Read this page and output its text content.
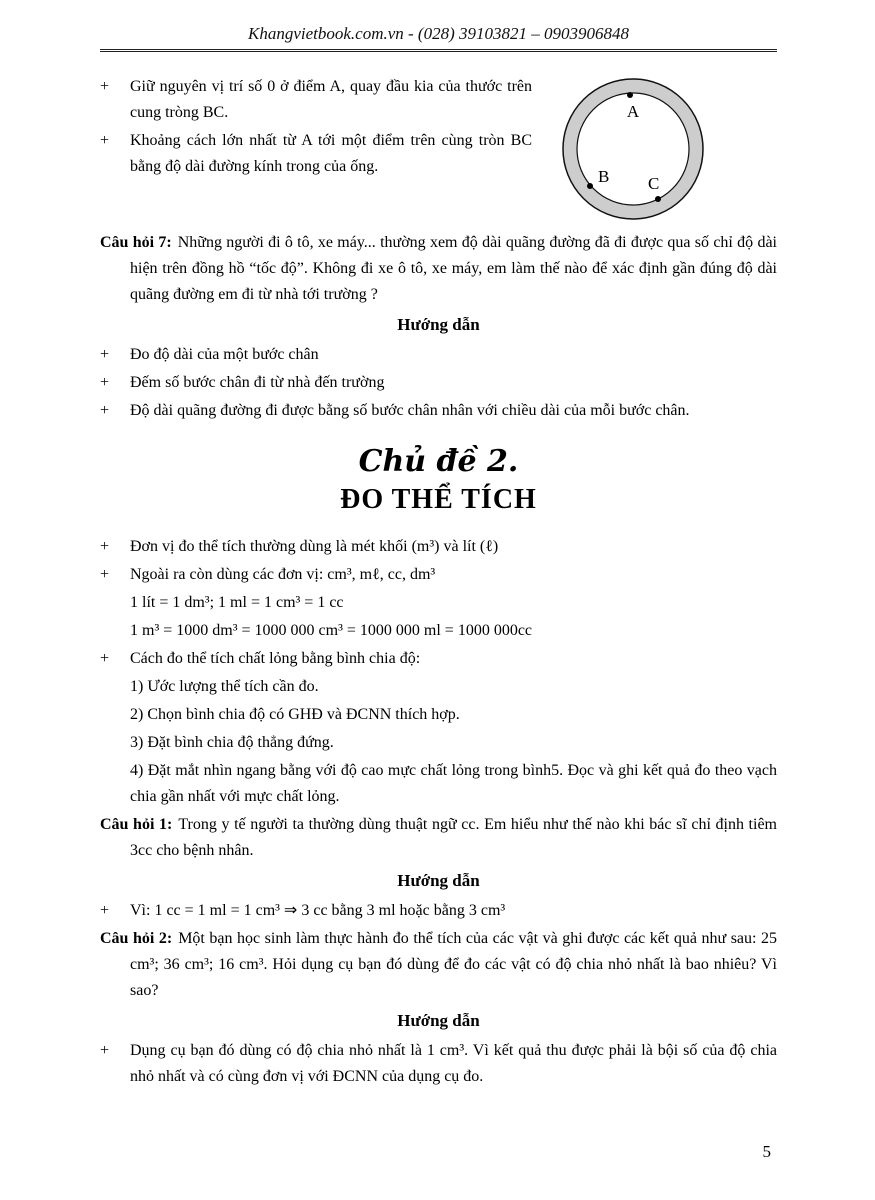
Khangvietbook.com.vn - (028) 39103821 – 0903906848
A
B C

+ Giữ nguyên vị trí số 0 ở điểm A, quay đầu kia của thước trên cung tròng BC.

+ Khoảng cách lớn nhất từ A tới một điểm trên cùng tròn BC bằng độ dài đường kính trong của ống.

Câu hỏi 7: Những người đi ô tô, xe máy... thường xem độ dài quãng đường đã đi được qua số chỉ độ dài hiện trên đồng hồ “tốc độ”. Không đi xe ô tô, xe máy, em làm thế nào để xác định gần đúng độ dài quãng đường em đi từ nhà tới trường ?

Hướng dẫn

+ Đo độ dài của một bước chân

+ Đếm số bước chân đi từ nhà đến trường

+ Độ dài quãng đường đi được bằng số bước chân nhân với chiều dài của mỗi bước chân.

Chủ đề 2.
ĐO THỂ TÍCH

+ Đơn vị đo thể tích thường dùng là mét khối (m³) và lít (ℓ)

+ Ngoài ra còn dùng các đơn vị: cm³, mℓ, cc, dm³

1 lít = 1 dm³; 1 ml = 1 cm³ = 1 cc

1 m³ = 1000 dm³ = 1000 000 cm³ = 1000 000 ml = 1000 000cc

+ Cách đo thể tích chất lỏng bằng bình chia độ:

1) Ước lượng thể tích cần đo.

2) Chọn bình chia độ có GHĐ và ĐCNN thích hợp.

3) Đặt bình chia độ thẳng đứng.

4) Đặt mắt nhìn ngang bằng với độ cao mực chất lỏng trong bình5. Đọc và ghi kết quả đo theo vạch chia gần nhất với mực chất lỏng.

Câu hỏi 1: Trong y tế người ta thường dùng thuật ngữ cc. Em hiểu như thế nào khi bác sĩ chỉ định tiêm 3cc cho bệnh nhân.

Hướng dẫn

+ Vì: 1 cc = 1 ml = 1 cm³ ⇒ 3 cc bằng 3 ml hoặc bằng 3 cm³

Câu hỏi 2: Một bạn học sinh làm thực hành đo thể tích của các vật và ghi được các kết quả như sau: 25 cm³; 36 cm³; 16 cm³. Hỏi dụng cụ bạn đó dùng để đo các vật có độ chia nhỏ nhất là bao nhiêu? Vì sao?

Hướng dẫn

+ Dụng cụ bạn đó dùng có độ chia nhỏ nhất là 1 cm³. Vì kết quả thu được phải là bội số của độ chia nhỏ nhất và có cùng đơn vị với ĐCNN của dụng cụ đo.

5
